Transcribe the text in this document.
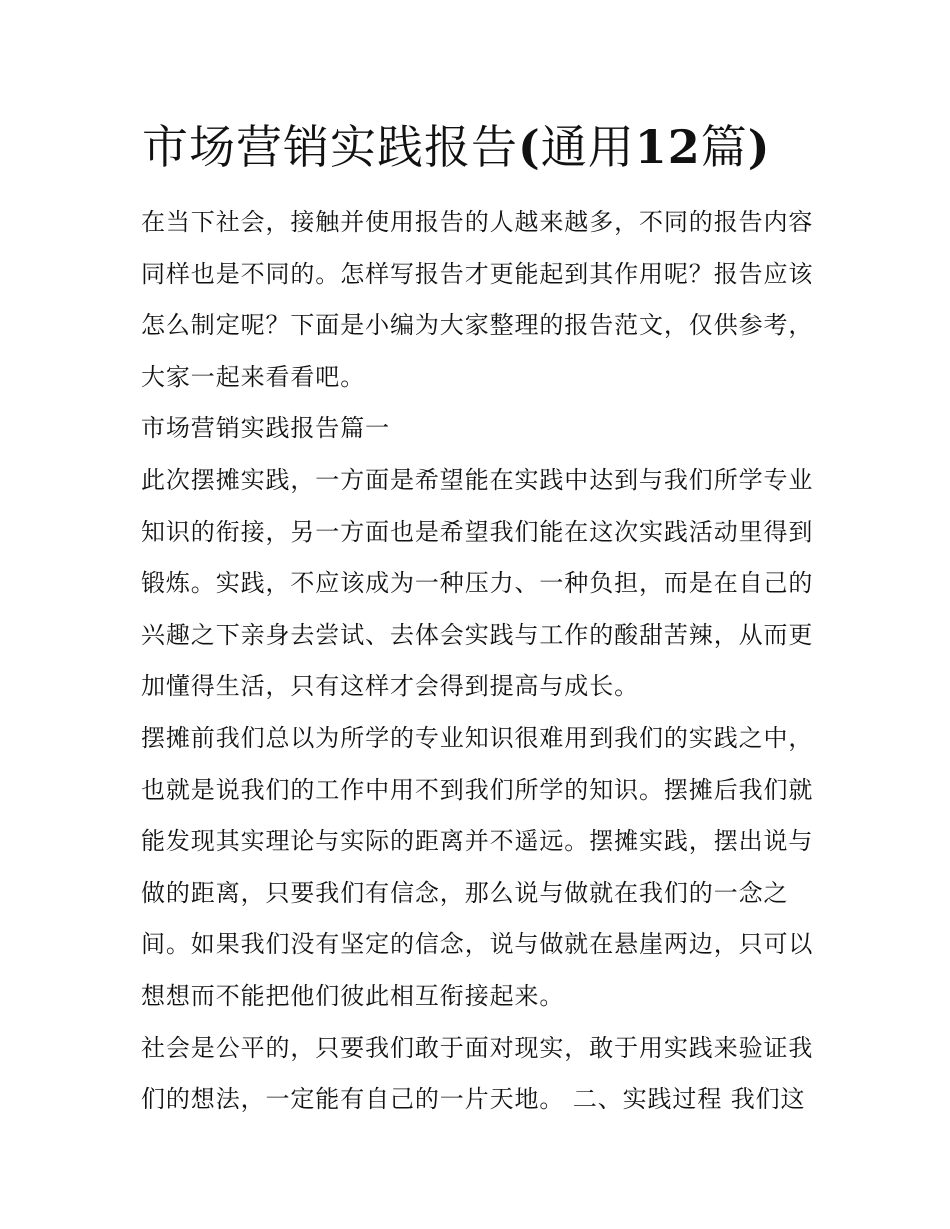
市场营销实践报告(通用12篇)

在当下社会，接触并使用报告的人越来越多，不同的报告内容
同样也是不同的。怎样写报告才更能起到其作用呢？报告应该
怎么制定呢？下面是小编为大家整理的报告范文，仅供参考，
大家一起来看看吧。

市场营销实践报告篇一

此次摆摊实践，一方面是希望能在实践中达到与我们所学专业
知识的衔接，另一方面也是希望我们能在这次实践活动里得到
锻炼。实践，不应该成为一种压力、一种负担，而是在自己的
兴趣之下亲身去尝试、去体会实践与工作的酸甜苦辣，从而更
加懂得生活，只有这样才会得到提高与成长。

摆摊前我们总以为所学的专业知识很难用到我们的实践之中，
也就是说我们的工作中用不到我们所学的知识。摆摊后我们就
能发现其实理论与实际的距离并不遥远。摆摊实践，摆出说与
做的距离，只要我们有信念，那么说与做就在我们的一念之
间。如果我们没有坚定的信念，说与做就在悬崖两边，只可以
想想而不能把他们彼此相互衔接起来。

社会是公平的，只要我们敢于面对现实，敢于用实践来验证我
们的想法，一定能有自己的一片天地。 二、实践过程 我们这
